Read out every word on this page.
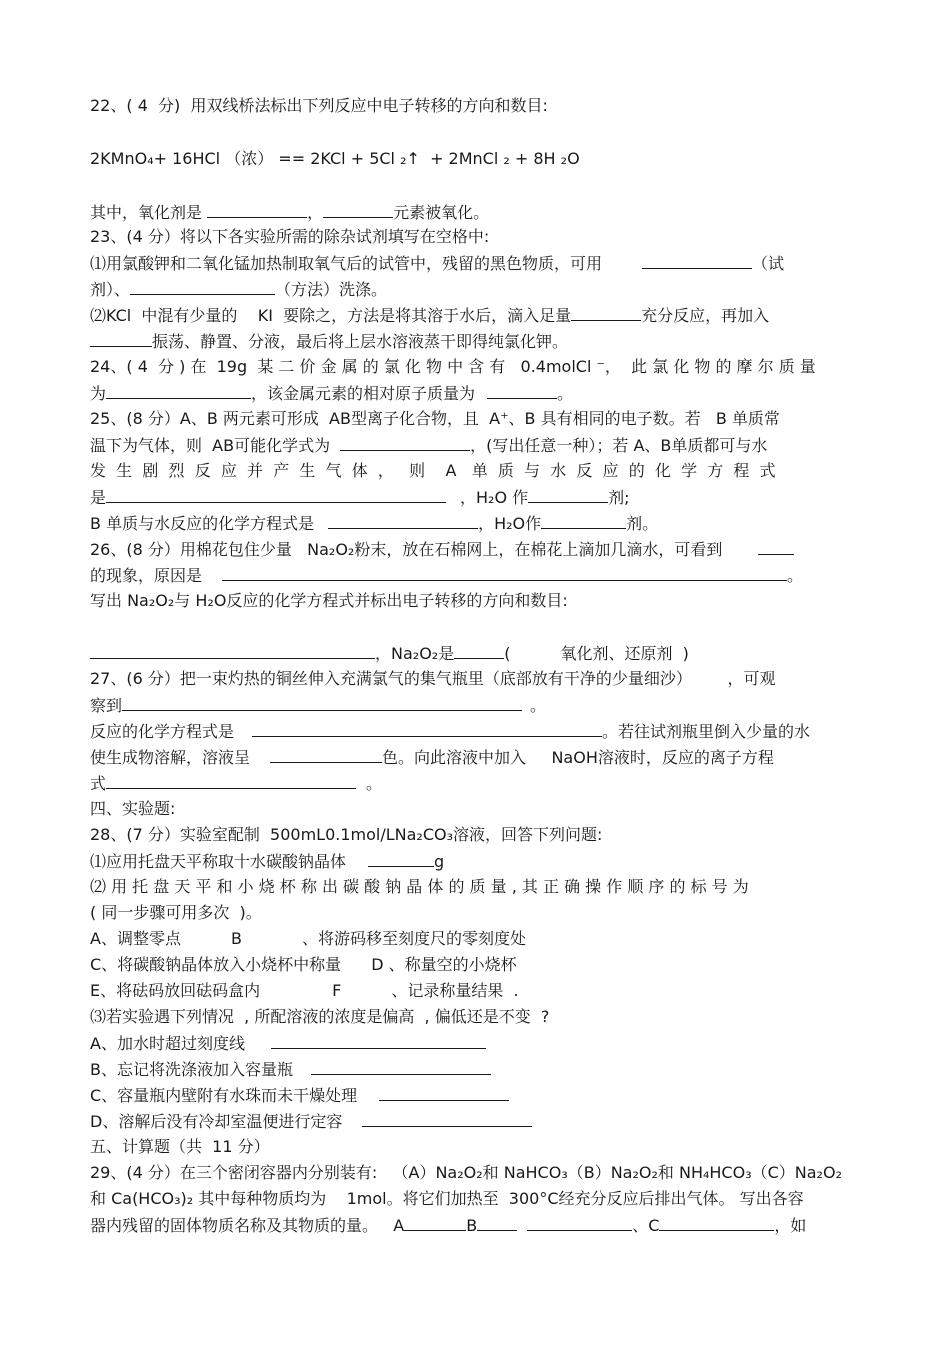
22、( 4  分)  用双线桥法标出下列反应中电子转移的方向和数目:
2KMnO₄+ 16HCl （浓） == 2KCl + 5Cl ₂↑  + 2MnCl ₂ + 8H ₂O
其中，氧化剂是	，	元素被氧化。
23、(4 分）将以下各实验所需的除杂试剂填写在空格中:
⑴用氯酸钾和二氧化锰加热制取氧气后的试管中，残留的黑色物质，可用	（试
剂）、	（方法）洗涤。
⑵KCl  中混有少量的    KI  要除之，方法是将其溶于水后，滴入足量	充分反应，再加入
振荡、静置、分液，最后将上层水溶液蒸干即得纯氯化钾。
24、( 4  分 ) 在  19g  某 二 价 金 属 的 氯 化 物 中 含 有   0.4molCl ⁻，  此 氯 化 物 的 摩 尔 质 量
为	，该金属元素的相对原子质量为	。
25、(8 分）A、B 两元素可形成  AB型离子化合物，且  A⁺、B 具有相同的电子数。若   B 单质常
温下为气体，则  AB可能化学式为	，(写出任意一种）；若 A、B单质都可与水
发  生  剧  烈  反  应  并  产  生  气  体  ，   则    A   单  质  与  水  反  应  的  化  学  方  程  式
是	，H₂O 作	剂;
B 单质与水反应的化学方程式是	，H₂O作	剂。
26、(8 分）用棉花包住少量   Na₂O₂粉末，放在石棉网上，在棉花上滴加几滴水，可看到
的现象，原因是	。
写出 Na₂O₂与 H₂O反应的化学方程式并标出电子转移的方向和数目:
，Na₂O₂是	(	氧化剂、还原剂  )
27、(6 分）把一束灼热的铜丝伸入充满氯气的集气瓶里（底部放有干净的少量细沙）       ，可观
察到	。
反应的化学方程式是	。若往试剂瓶里倒入少量的水
使生成物溶解，溶液呈	色。向此溶液中加入     NaOH溶液时，反应的离子方程
式	。
四、实验题:
28、(7 分）实验室配制  500mL0.1mol/LNa₂CO₃溶液，回答下列问题:
⑴应用托盘天平称取十水碳酸钠晶体	g
⑵ 用 托 盘 天 平 和 小 烧 杯 称 出 碳 酸 钠 晶 体 的 质 量 , 其 正 确 操 作 顺 序 的 标 号 为
( 同一步骤可用多次  )。
A、调整零点	B	、将游码移至刻度尺的零刻度处
C、将碳酸钠晶体放入小烧杯中称量 D 、称量空的小烧杯
E、将砝码放回砝码盒内	F	、记录称量结果  .
⑶若实验遇下列情况  , 所配溶液的浓度是偏高  , 偏低还是不变  ?
A、加水时超过刻度线
B、忘记将洗涤液加入容量瓶
C、容量瓶内壁附有水珠而未干燥处理
D、溶解后没有冷却室温便进行定容
五、计算题（共  11 分）
29、(4 分）在三个密闭容器内分别装有:   （A）Na₂O₂和 NaHCO₃（B）Na₂O₂和 NH₄HCO₃（C）Na₂O₂
和 Ca(HCO₃)₂ 其中每种物质均为    1mol。将它们加热至  300°C经充分反应后排出气体。 写出各容
器内残留的固体物质名称及其物质的量。   A	B	、C	，如
